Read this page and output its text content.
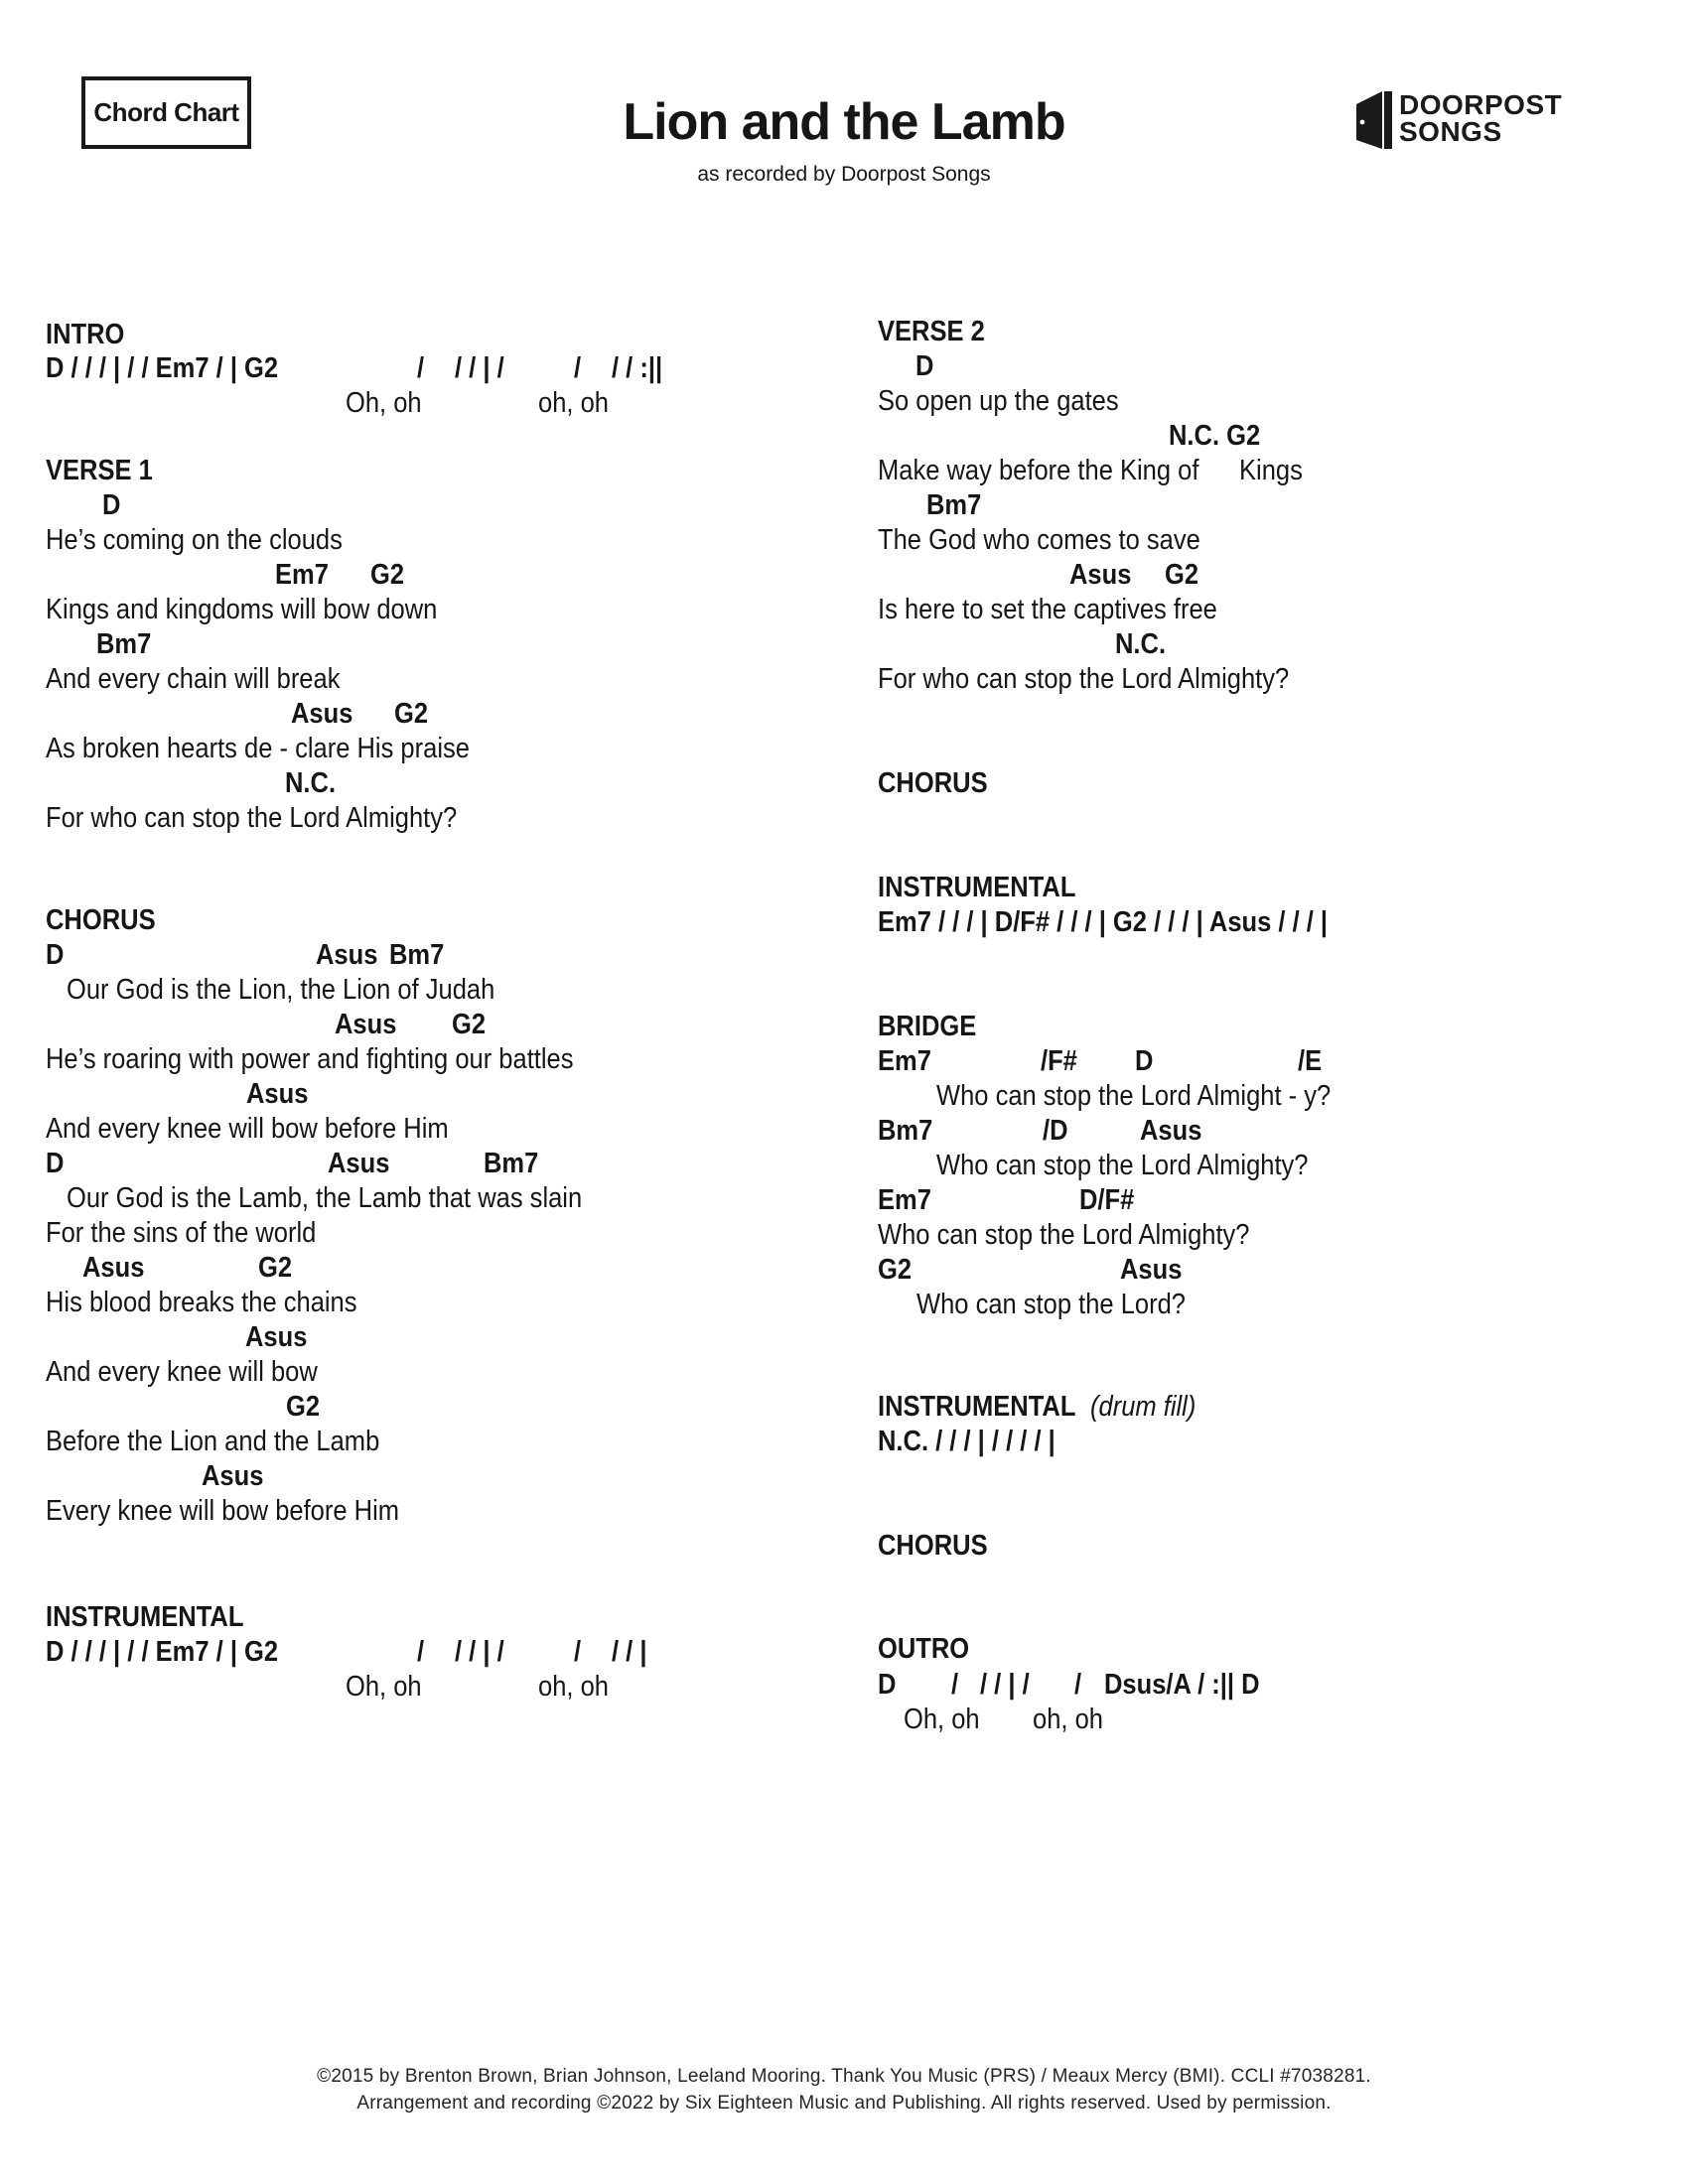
Chord Chart	Lion and the Lamb
as recorded by Doorpost Songs
DOORPOST
SONGS
INTRO
D / / / | / / Em7 / | G2	/ / / | / / / / :||
Oh, oh	oh, oh
VERSE 1
D
He’s coming on the clouds
Em7 G2
Kings and kingdoms will bow down
Bm7
And every chain will break
Asus G2
As broken hearts de - clare His praise
N.C.
For who can stop the Lord Almighty?
CHORUS
D	Asus Bm7
Our God is the Lion, the Lion of Judah
Asus G2
He’s roaring with power and fighting our battles
Asus
And every knee will bow before Him
D	Asus	Bm7
Our God is the Lamb, the Lamb that was slain
For the sins of the world
Asus	G2
His blood breaks the chains
Asus
And every knee will bow
G2
Before the Lion and the Lamb
Asus
Every knee will bow before Him
INSTRUMENTAL
D / / / | / / Em7 / | G2	/ / / | / / / / |
Oh, oh	oh, oh
VERSE 2
D
So open up the gates
N.C. G2
Make way before the King of Kings
Bm7
The God who comes to save
Asus G2
Is here to set the captives free
N.C.
For who can stop the Lord Almighty?
CHORUS
INSTRUMENTAL
Em7 / / / | D/F# / / / | G2 / / / | Asus / / / |
BRIDGE
Em7	/F# D	/E
Who can stop the Lord Almight - y?
Bm7	/D Asus
Who can stop the Lord Almighty?
Em7	D/F#
Who can stop the Lord Almighty?
G2	Asus
Who can stop the Lord?
INSTRUMENTAL (drum fill)
N.C. / / / | / / / / |
CHORUS
OUTRO
D / / / | / / Dsus/A / :|| D
Oh, oh oh, oh
©2015 by Brenton Brown, Brian Johnson, Leeland Mooring. Thank You Music (PRS) / Meaux Mercy (BMI). CCLI #7038281.
Arrangement and recording ©2022 by Six Eighteen Music and Publishing. All rights reserved. Used by permission.
